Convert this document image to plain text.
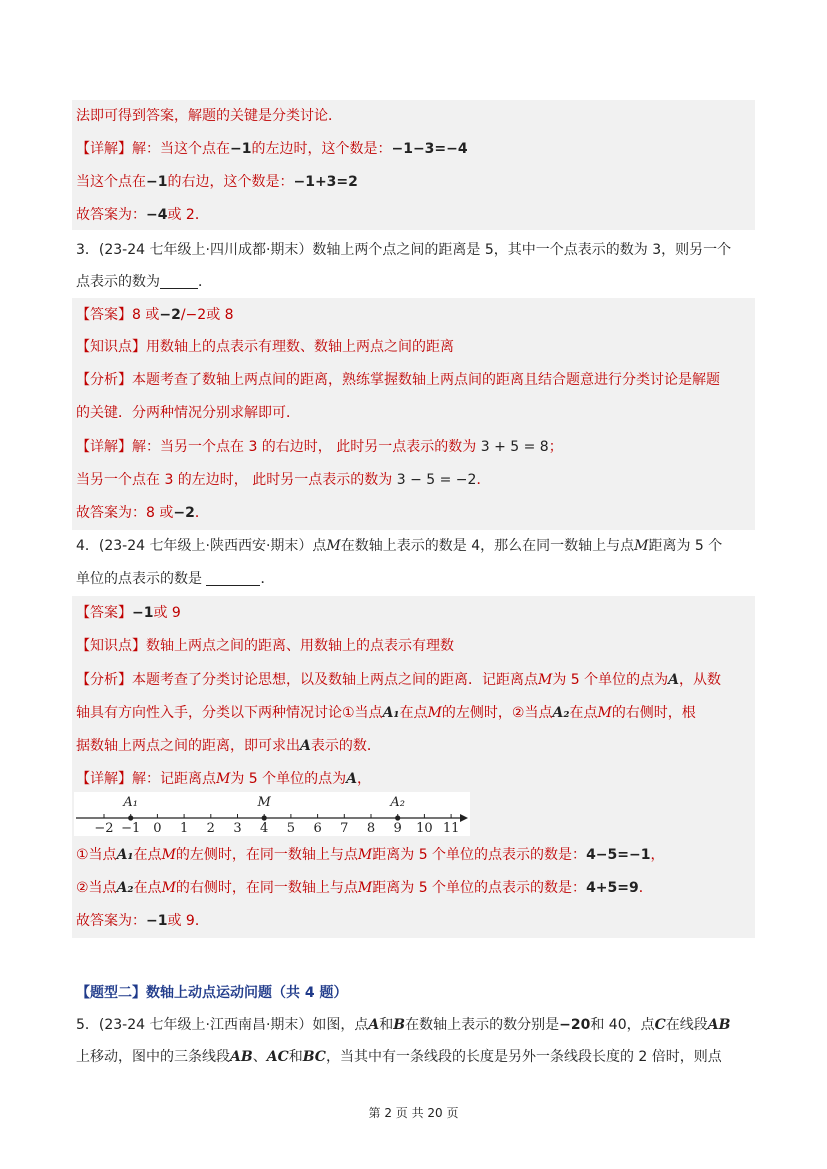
法即可得到答案，解题的关键是分类讨论．
【详解】解：当这个点在−1的左边时，这个数是：−1−3=−4
当这个点在−1的右边，这个数是：−1+3=2
故答案为：−4或 2．
3．(23-24 七年级上·四川成都·期末）数轴上两个点之间的距离是 5，其中一个点表示的数为 3，则另一个
点表示的数为	．
【答案】8 或−2/−2或 8
【知识点】用数轴上的点表示有理数、数轴上两点之间的距离
【分析】本题考查了数轴上两点间的距离，熟练掌握数轴上两点间的距离且结合题意进行分类讨论是解题
的关键．分两种情况分别求解即可．
【详解】解：当另一个点在 3 的右边时， 此时另一点表示的数为 3 + 5 = 8；
当另一个点在 3 的左边时， 此时另一点表示的数为 3 − 5 = −2．
故答案为：8 或−2．
4．(23-24 七年级上·陕西西安·期末）点M在数轴上表示的数是 4，那么在同一数轴上与点M距离为 5 个
单位的点表示的数是	．
【答案】−1或 9
【知识点】数轴上两点之间的距离、用数轴上的点表示有理数
【分析】本题考查了分类讨论思想，以及数轴上两点之间的距离．记距离点M为 5 个单位的点为A，从数
轴具有方向性入手，分类以下两种情况讨论①当点A₁在点M的左侧时，②当点A₂在点M的右侧时，根
据数轴上两点之间的距离，即可求出A表示的数．
【详解】解：记距离点M为 5 个单位的点为A，
−2 −1 0 1 2 3 4 5 6 7 8 9 10 11
A₁	M	A₂
①当点A₁在点M的左侧时，在同一数轴上与点M距离为 5 个单位的点表示的数是：4−5=−1，
②当点A₂在点M的右侧时，在同一数轴上与点M距离为 5 个单位的点表示的数是：4+5=9．
故答案为：−1或 9．
【题型二】数轴上动点运动问题（共 4 题）
5．(23-24 七年级上·江西南昌·期末）如图，点A和B在数轴上表示的数分别是−20和 40，点C在线段AB
上移动，图中的三条线段AB、AC和BC，当其中有一条线段的长度是另外一条线段长度的 2 倍时，则点
第 2 页 共 20 页
